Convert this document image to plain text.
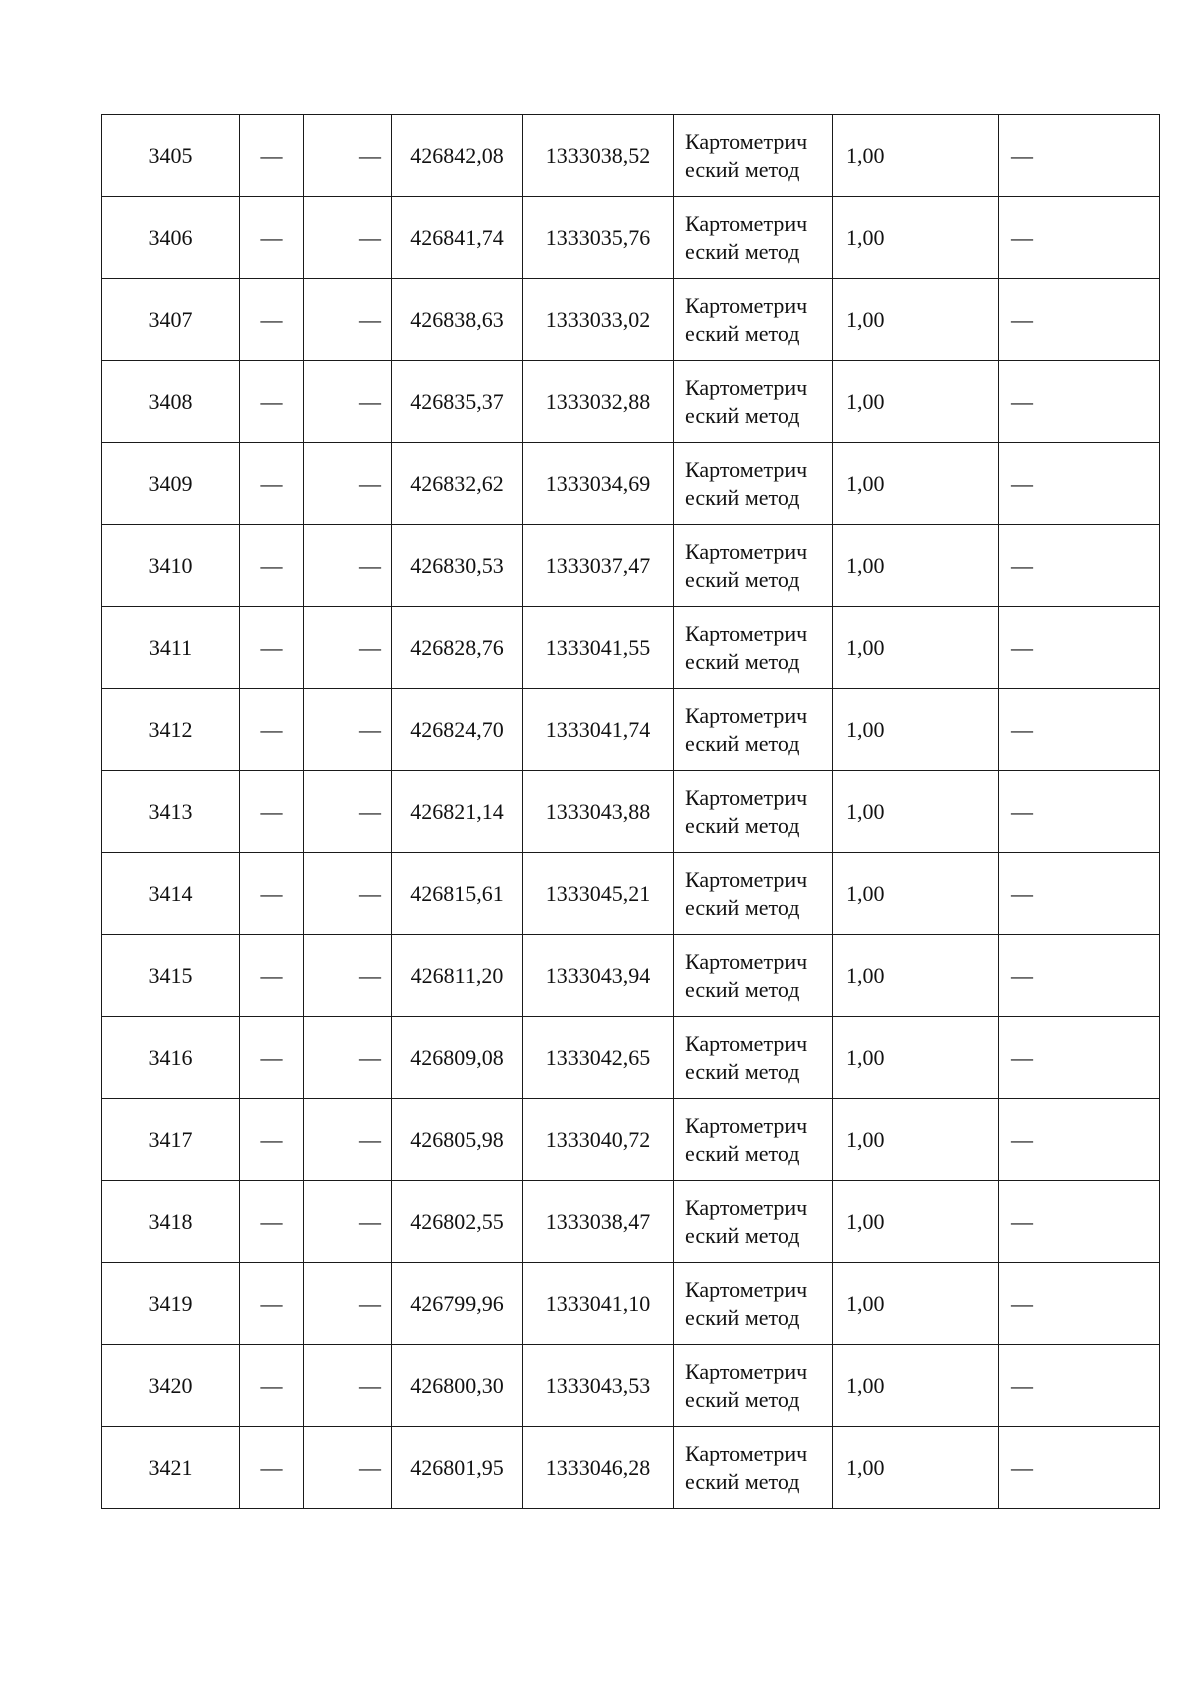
3405	—	—	426842,08	1333038,52	Картометрический метод	1,00	—
3406	—	—	426841,74	1333035,76	Картометрический метод	1,00	—
3407	—	—	426838,63	1333033,02	Картометрический метод	1,00	—
3408	—	—	426835,37	1333032,88	Картометрический метод	1,00	—
3409	—	—	426832,62	1333034,69	Картометрический метод	1,00	—
3410	—	—	426830,53	1333037,47	Картометрический метод	1,00	—
3411	—	—	426828,76	1333041,55	Картометрический метод	1,00	—
3412	—	—	426824,70	1333041,74	Картометрический метод	1,00	—
3413	—	—	426821,14	1333043,88	Картометрический метод	1,00	—
3414	—	—	426815,61	1333045,21	Картометрический метод	1,00	—
3415	—	—	426811,20	1333043,94	Картометрический метод	1,00	—
3416	—	—	426809,08	1333042,65	Картометрический метод	1,00	—
3417	—	—	426805,98	1333040,72	Картометрический метод	1,00	—
3418	—	—	426802,55	1333038,47	Картометрический метод	1,00	—
3419	—	—	426799,96	1333041,10	Картометрический метод	1,00	—
3420	—	—	426800,30	1333043,53	Картометрический метод	1,00	—
3421	—	—	426801,95	1333046,28	Картометрический метод	1,00	—
